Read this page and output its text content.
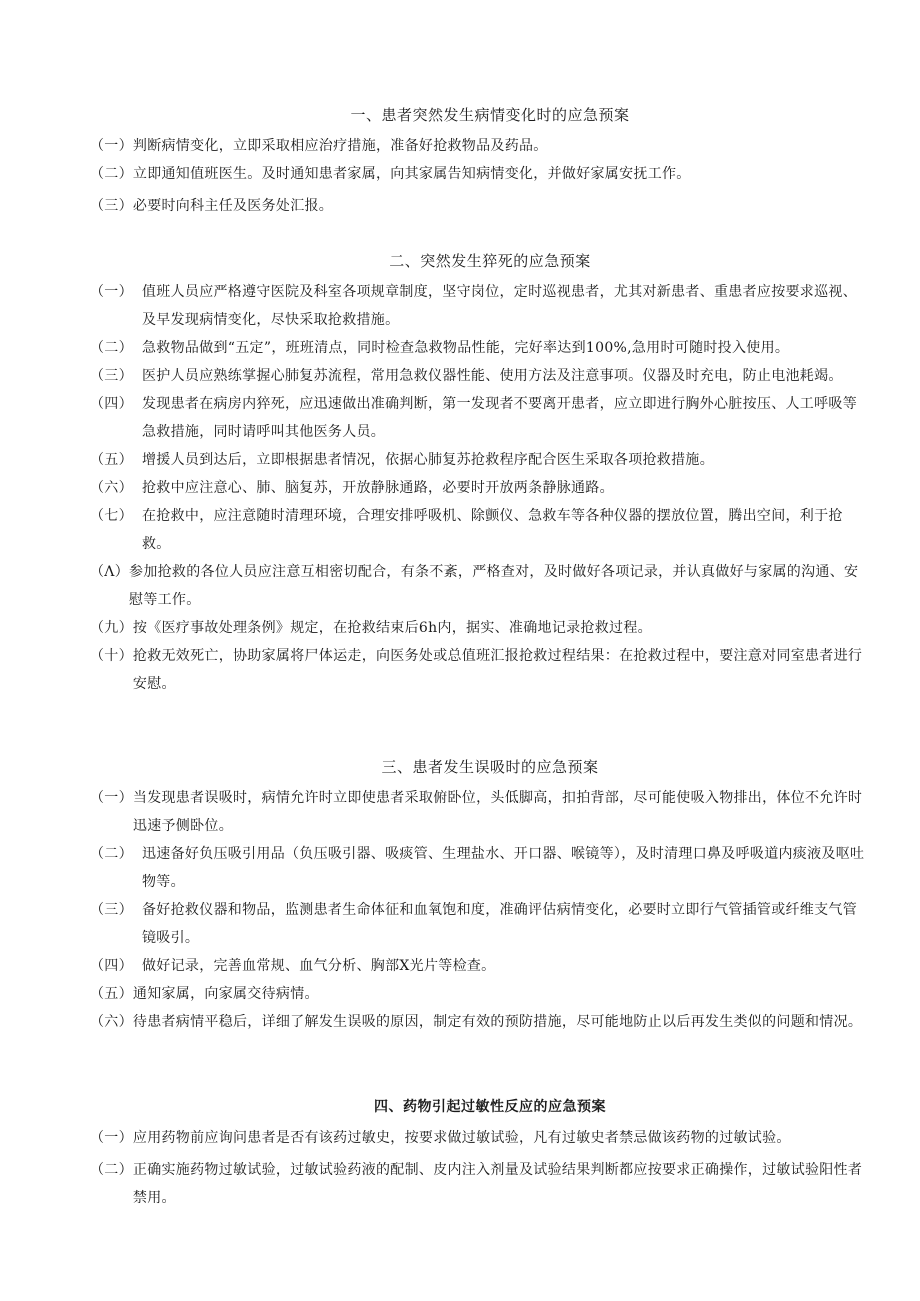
一、患者突然发生病情变化时的应急预案
（一） 判断病情变化，立即采取相应治疗措施，准备好抢救物品及药品。
（二） 立即通知值班医生。及时通知患者家属，向其家属告知病情变化，并做好家属安抚工作。
（三） 必要时向科主任及医务处汇报。
二、突然发生猝死的应急预案
（一） 值班人员应严格遵守医院及科室各项规章制度，坚守岗位，定时巡视患者，尤其对新患者、重患者应按要求巡视、及早发现病情变化，尽快采取抢救措施。
（二） 急救物品做到“五定”，班班清点，同时检查急救物品性能，完好率达到100%,急用时可随时投入使用。
（三） 医护人员应熟练掌握心肺复苏流程，常用急救仪器性能、使用方法及注意事项。仪器及时充电，防止电池耗竭。
（四） 发现患者在病房内猝死，应迅速做出准确判断，第一发现者不要离开患者，应立即进行胸外心脏按压、人工呼吸等急救措施，同时请呼叫其他医务人员。
（五） 增援人员到达后，立即根据患者情况，依据心肺复苏抢救程序配合医生采取各项抢救措施。
（六） 抢救中应注意心、肺、脑复苏，开放静脉通路，必要时开放两条静脉通路。
（七） 在抢救中，应注意随时清理环境，合理安排呼吸机、除颤仪、急救车等各种仪器的摆放位置，腾出空间，利于抢救。
（Λ） 参加抢救的各位人员应注意互相密切配合，有条不紊，严格查对，及时做好各项记录，并认真做好与家属的沟通、安慰等工作。
（九） 按《医疗事故处理条例》规定，在抢救结束后6h内，据实、准确地记录抢救过程。
（十） 抢救无效死亡，协助家属将尸体运走，向医务处或总值班汇报抢救过程结果：在抢救过程中，要注意对同室患者进行安慰。
三、患者发生误吸时的应急预案
（一） 当发现患者误吸时，病情允许时立即使患者采取俯卧位，头低脚高，扣拍背部，尽可能使吸入物排出，体位不允许时迅速予侧卧位。
（二） 迅速备好负压吸引用品（负压吸引器、吸痰管、生理盐水、开口器、喉镜等），及时清理口鼻及呼吸道内痰液及呕吐物等。
（三） 备好抢救仪器和物品，监测患者生命体征和血氧饱和度，准确评估病情变化，必要时立即行气管插管或纤维支气管镜吸引。
（四） 做好记录，完善血常规、血气分析、胸部X光片等检查。
（五） 通知家属，向家属交待病情。
（六） 待患者病情平稳后，详细了解发生误吸的原因，制定有效的预防措施，尽可能地防止以后再发生类似的问题和情况。
四、药物引起过敏性反应的应急预案
（一） 应用药物前应询问患者是否有该药过敏史，按要求做过敏试验，凡有过敏史者禁忌做该药物的过敏试验。
（二） 正确实施药物过敏试验，过敏试验药液的配制、皮内注入剂量及试验结果判断都应按要求正确操作，过敏试验阳性者禁用。
